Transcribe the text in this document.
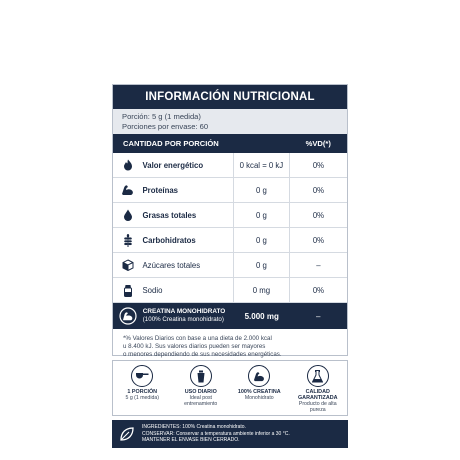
INFORMACIÓN NUTRICIONAL
Porción: 5 g (1 medida)
Porciones por envase: 60
CANTIDAD POR PORCIÓN	%VD(*)
Valor energético	0 kcal = 0 kJ	0%
Proteínas	0 g	0%
Grasas totales	0 g	0%
Carbohidratos	0 g	0%
Azúcares totales	0 g	–
Sodio	0 mg	0%
CREATINA MONOHIDRATO
(100% Creatina monohidrato)	5.000 mg	–
*% Valores Diarios con base a una dieta de 2.000 kcal
u 8.400 kJ. Sus valores diarios pueden ser mayores
o menores dependiendo de sus necesidades energéticas.
1 PORCIÓN
5 g (1 medida)
USO DIARIO
Ideal post entrenamiento
100% CREATINA
Monohidrato
CALIDAD GARANTIZADA
Producto de alta pureza
INGREDIENTES: 100% Creatina monohidrato.
CONSERVAR: Conservar a temperatura ambiente inferior a 30 °C.
MANTENER EL ENVASE BIEN CERRADO.
